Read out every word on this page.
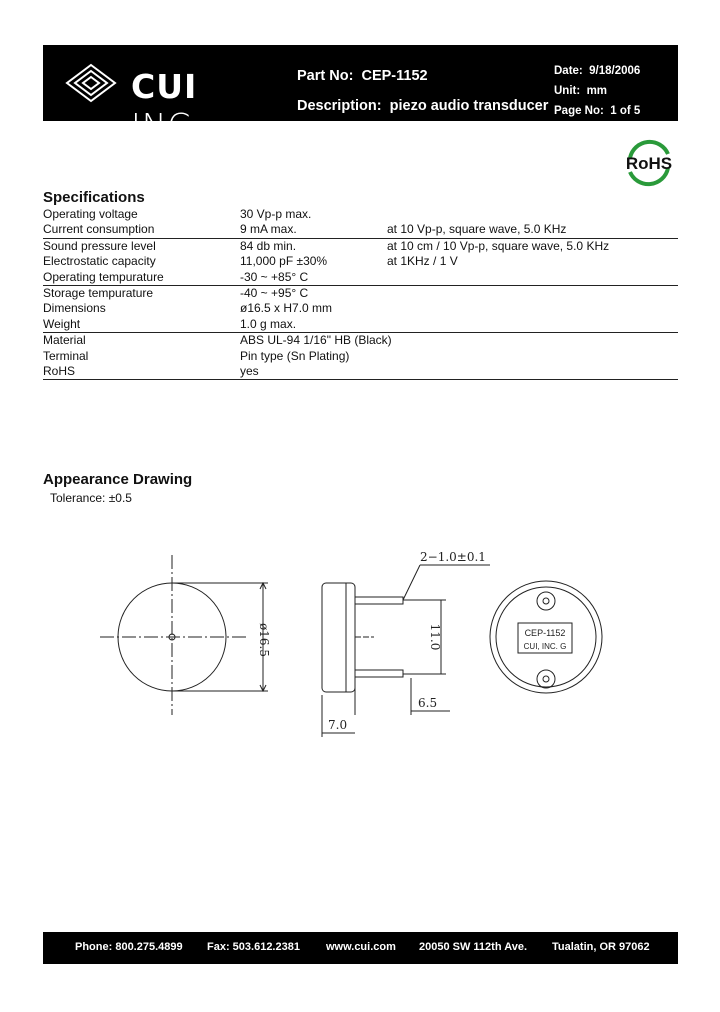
CUI INC
Part No: CEP-1152
Description: piezo audio transducer
Date: 9/18/2006
Unit: mm
Page No: 1 of 5
RoHS
Specifications
Operating voltage	30 Vp-p max.
Current consumption	9 mA max.	at 10 Vp-p, square wave, 5.0 KHz
Sound pressure level	84 db min.	at 10 cm / 10 Vp-p, square wave, 5.0 KHz
Electrostatic capacity	11,000 pF ±30%	at 1KHz / 1 V
Operating tempurature	-30 ~ +85° C
Storage tempurature	-40 ~ +95° C
Dimensions	ø16.5 x H7.0 mm
Weight	1.0 g max.
Material	ABS UL-94 1/16" HB (Black)
Terminal	Pin type (Sn Plating)
RoHS	yes
Appearance Drawing
Tolerance: ±0.5
ø16.5
2−1.0±0.1
11.0
6.5
7.0
CEP-1152
CUI, INC. G
Phone: 800.275.4899 Fax: 503.612.2381 www.cui.com 20050 SW 112th Ave. Tualatin, OR 97062
